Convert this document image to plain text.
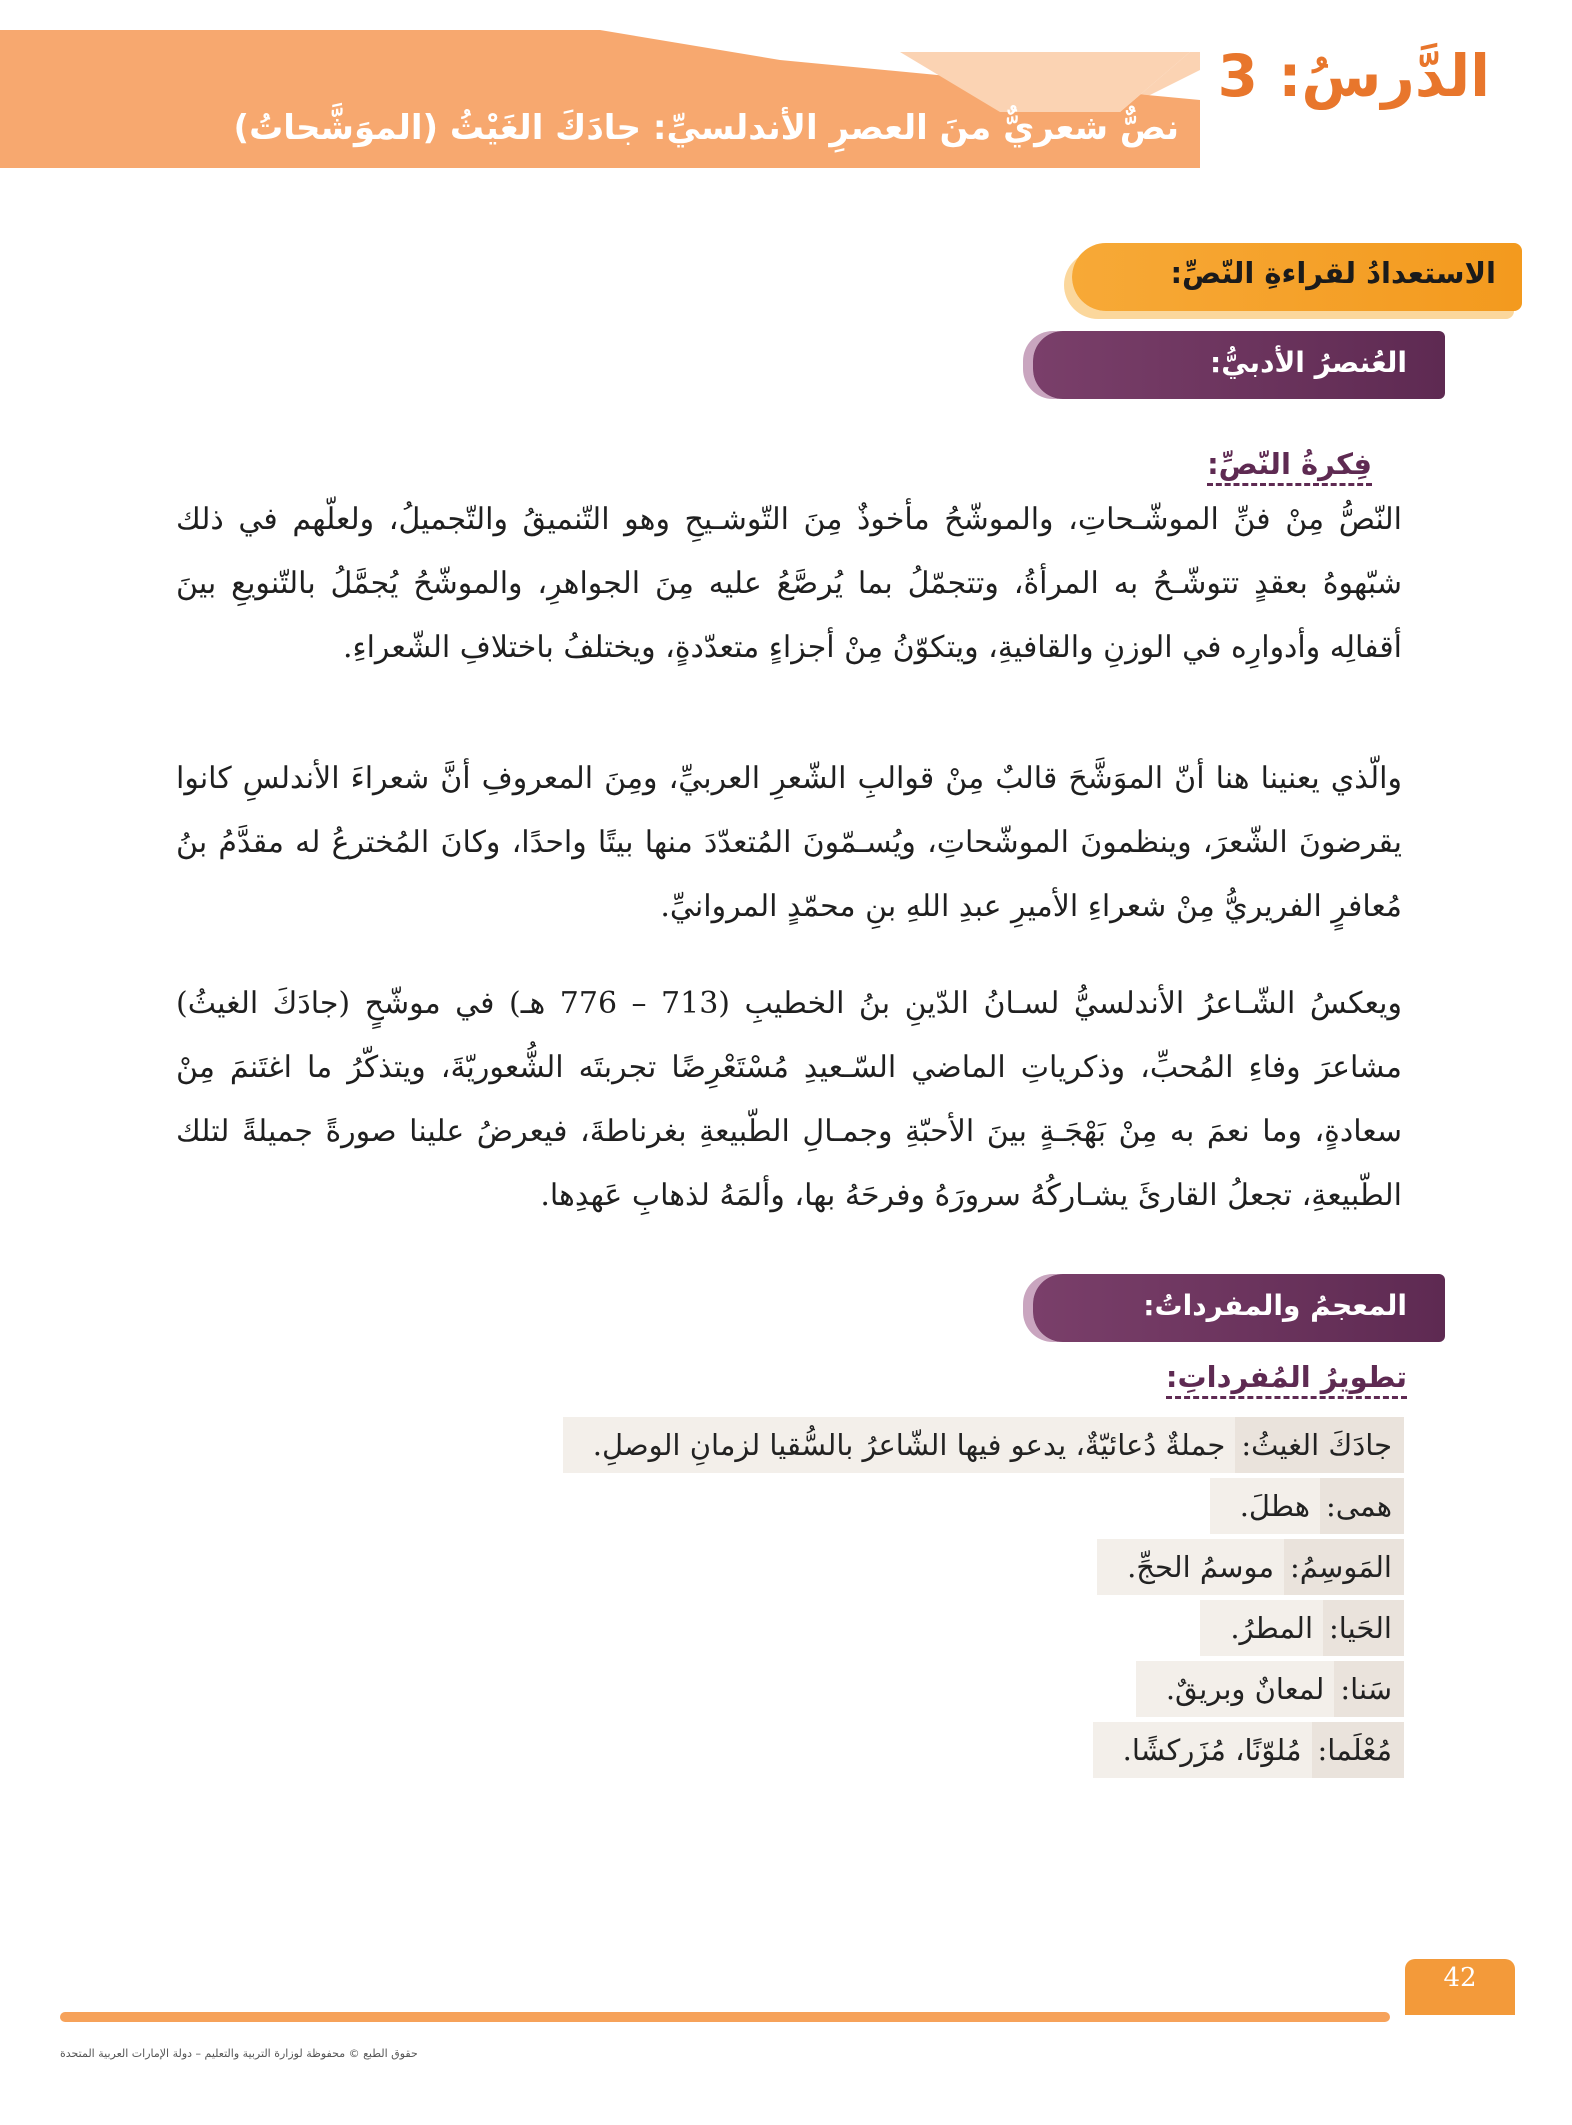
الدَّرسُ: 3
نصٌّ شعريٌّ منَ العصرِ الأندلسيِّ: جادَكَ الغَيْثُ (الموَشَّحاتُ)
الاستعدادُ لقراءةِ النّصِّ:
العُنصرُ الأدبيُّ:
فِكرةُ النّصِّ:

النّصُّ مِنْ فنِّ الموشّـحاتِ، والموشّحُ مأخوذٌ مِنَ التّوشـيحِ وهو التّنميقُ والتّجميلُ، ولعلّهم في ذلك شبّهوهُ بعقدٍ تتوشّـحُ به المرأةُ، وتتجمّلُ بما يُرصَّعُ عليه مِنَ الجواهرِ، والموشّحُ يُجمَّلُ بالتّنويعِ بينَ أقفالِه وأدوارِه في الوزنِ والقافيةِ، ويتكوّنُ مِنْ أجزاءٍ متعدّدةٍ، ويختلفُ باختلافِ الشّعراءِ.

والّذي يعنينا هنا أنّ الموَشَّحَ قالبٌ مِنْ قوالبِ الشّعرِ العربيِّ، ومِنَ المعروفِ أنَّ شعراءَ الأندلسِ كانوا يقرضونَ الشّعرَ، وينظمونَ الموشّحاتِ، ويُسـمّونَ المُتعدّدَ منها بيتًا واحدًا، وكانَ المُخترعُ له مقدَّمُ بنُ مُعافرٍ الفريريُّ مِنْ شعراءِ الأميرِ عبدِ اللهِ بنِ محمّدٍ المروانيِّ.

ويعكسُ الشّـاعرُ الأندلسيُّ لسـانُ الدّينِ بنُ الخطيبِ (713 – 776 هـ) في موشّحٍ (جادَكَ الغيثُ) مشاعرَ وفاءِ المُحبِّ، وذكرياتِ الماضي السّـعيدِ مُسْتَعْرِضًا تجربتَه الشُّعوريّةَ، ويتذكّرُ ما اغتَنمَ مِنْ سعادةٍ، وما نعمَ به مِنْ بَهْجَـةٍ بينَ الأحبّةِ وجمـالِ الطّبيعةِ بغرناطةَ، فيعرضُ علينا صورةً جميلةً لتلك الطّبيعةِ، تجعلُ القارئَ يشـاركُهُ سرورَهُ وفرحَهُ بها، وألمَهُ لذهابِ عَهدِها.

المعجمُ والمفرداتُ:
تطويرُ المُفرداتِ:
جادَكَ الغيثُ:جملةٌ دُعائيّةٌ، يدعو فيها الشّاعرُ بالسُّقيا لزمانِ الوصلِ.
همى:هطلَ.
المَوسِمُ:موسمُ الحجِّ.
الحَيا:المطرُ.
سَنا:لمعانٌ وبريقٌ.
مُعْلَما:مُلوّنًا، مُزَركشًا.

42

حقوق الطبع © محفوظة لوزارة التربية والتعليم – دولة الإمارات العربية المتحدة
